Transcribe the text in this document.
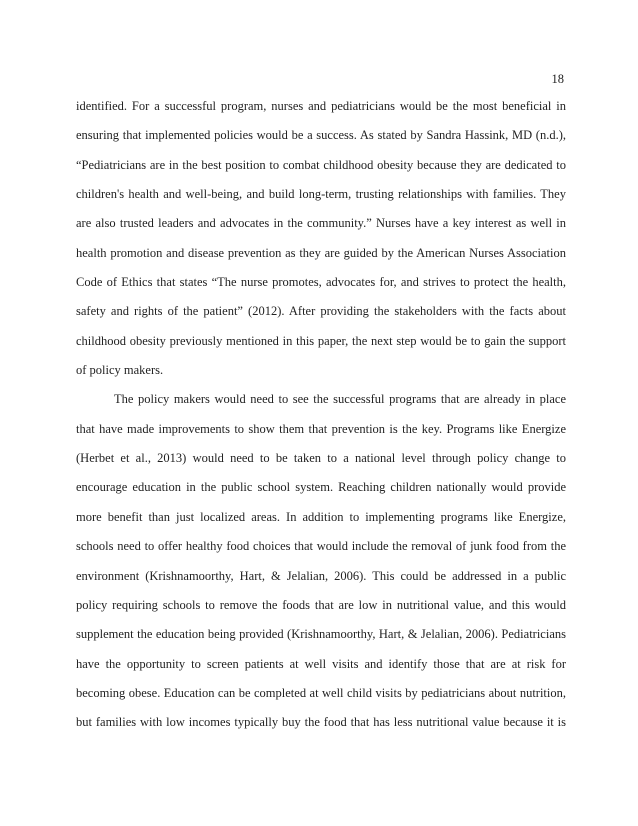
18
identified. For a successful program, nurses and pediatricians would be the most beneficial in
ensuring that implemented policies would be a success. As stated by Sandra Hassink, MD (n.d.),
“Pediatricians are in the best position to combat childhood obesity because they are dedicated to
children's health and well-being, and build long-term, trusting relationships with families. They
are also trusted leaders and advocates in the community.” Nurses have a key interest as well in
health promotion and disease prevention as they are guided by the American Nurses Association
Code of Ethics that states “The nurse promotes, advocates for, and strives to protect the health,
safety and rights of the patient” (2012). After providing the stakeholders with the facts about
childhood obesity previously mentioned in this paper, the next step would be to gain the support
of policy makers.
The policy makers would need to see the successful programs that are already in place
that have made improvements to show them that prevention is the key. Programs like Energize
(Herbet et al., 2013) would need to be taken to a national level through policy change to
encourage education in the public school system. Reaching children nationally would provide
more benefit than just localized areas. In addition to implementing programs like Energize,
schools need to offer healthy food choices that would include the removal of junk food from the
environment (Krishnamoorthy, Hart, & Jelalian, 2006). This could be addressed in a public
policy requiring schools to remove the foods that are low in nutritional value, and this would
supplement the education being provided (Krishnamoorthy, Hart, & Jelalian, 2006). Pediatricians
have the opportunity to screen patients at well visits and identify those that are at risk for
becoming obese. Education can be completed at well child visits by pediatricians about nutrition,
but families with low incomes typically buy the food that has less nutritional value because it is
